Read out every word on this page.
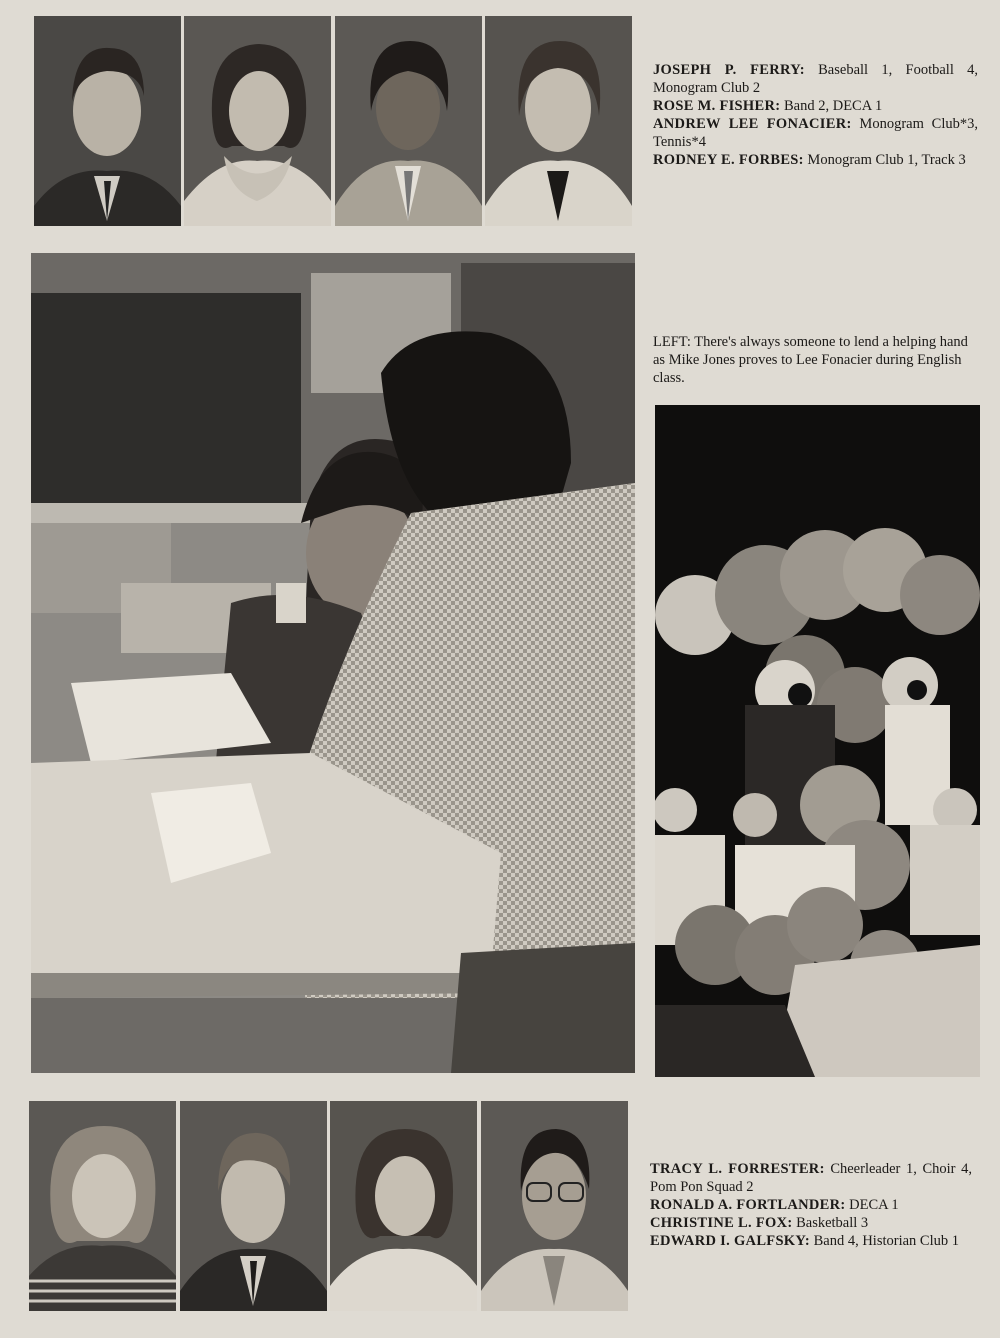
JOSEPH P. FERRY: Baseball 1, Football 4, Monogram Club 2

ROSE M. FISHER: Band 2, DECA 1

ANDREW LEE FONACIER: Monogram Club*3, Tennis*4

RODNEY E. FORBES: Monogram Club 1, Track 3

LEFT: There's always someone to lend a helping hand as Mike Jones proves to Lee Fonacier during English class.

TRACY L. FORRESTER: Cheerleader 1, Choir 4, Pom Pon Squad 2

RONALD A. FORTLANDER: DECA 1

CHRISTINE L. FOX: Basketball 3

EDWARD I. GALFSKY: Band 4, Historian Club 1
